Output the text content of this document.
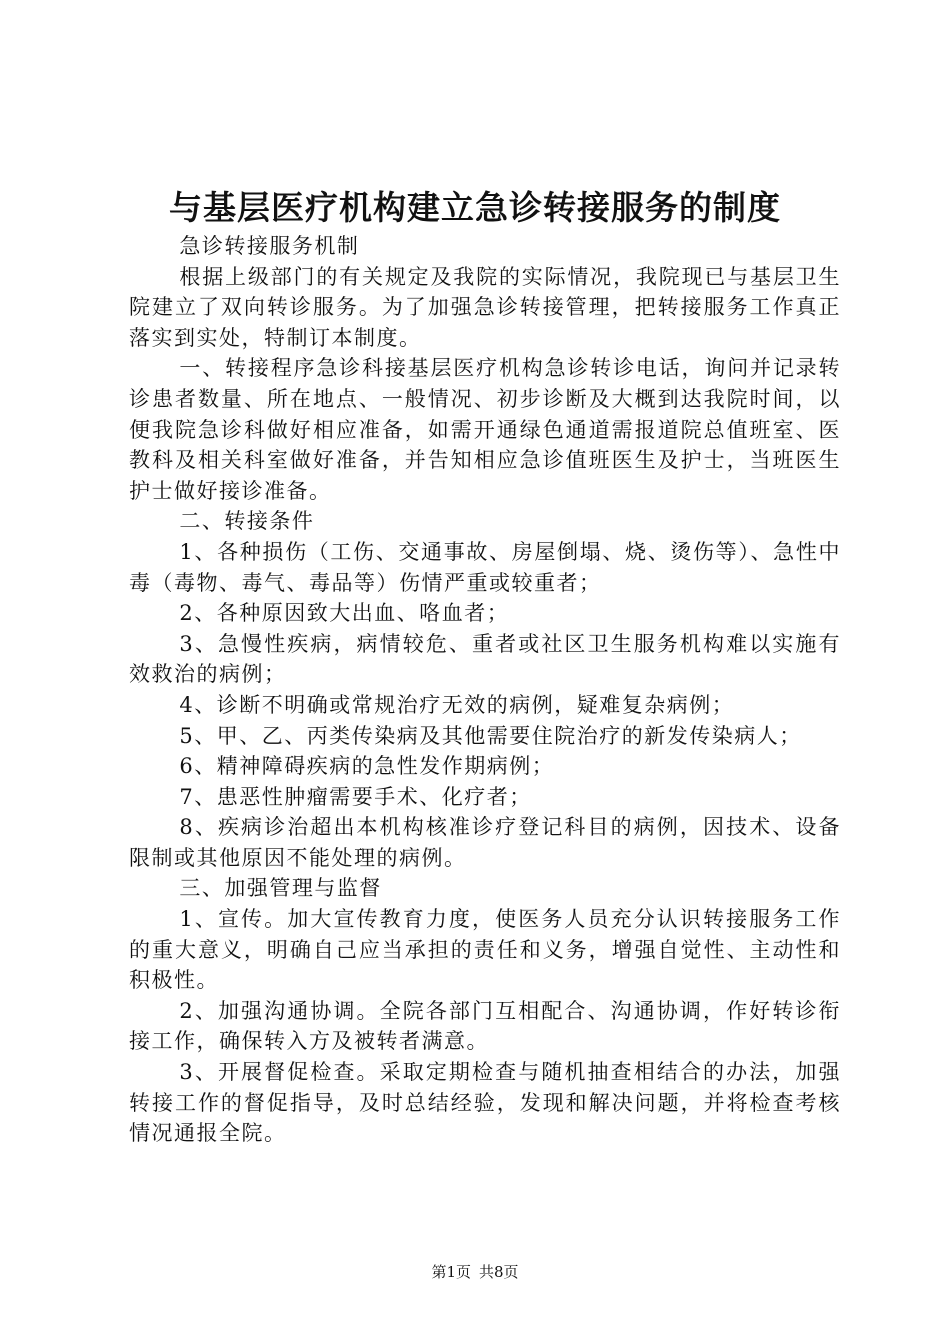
与基层医疗机构建立急诊转接服务的制度

急诊转接服务机制

根据上级部门的有关规定及我院的实际情况，我院现已与基层卫生院建立了双向转诊服务。为了加强急诊转接管理，把转接服务工作真正落实到实处，特制订本制度。

一、转接程序急诊科接基层医疗机构急诊转诊电话，询问并记录转诊患者数量、所在地点、一般情况、初步诊断及大概到达我院时间，以便我院急诊科做好相应准备，如需开通绿色通道需报道院总值班室、医教科及相关科室做好准备，并告知相应急诊值班医生及护士，当班医生护士做好接诊准备。

二、转接条件

1、各种损伤（工伤、交通事故、房屋倒塌、烧、烫伤等）、急性中毒（毒物、毒气、毒品等）伤情严重或较重者；

2、各种原因致大出血、咯血者；

3、急慢性疾病，病情较危、重者或社区卫生服务机构难以实施有效救治的病例；

4、诊断不明确或常规治疗无效的病例，疑难复杂病例；

5、甲、乙、丙类传染病及其他需要住院治疗的新发传染病人；

6、精神障碍疾病的急性发作期病例；

7、患恶性肿瘤需要手术、化疗者；

8、疾病诊治超出本机构核准诊疗登记科目的病例，因技术、设备限制或其他原因不能处理的病例。

三、加强管理与监督

1、宣传。加大宣传教育力度，使医务人员充分认识转接服务工作的重大意义，明确自己应当承担的责任和义务，增强自觉性、主动性和积极性。

2、加强沟通协调。全院各部门互相配合、沟通协调，作好转诊衔接工作，确保转入方及被转者满意。

3、开展督促检查。采取定期检查与随机抽查相结合的办法，加强转接工作的督促指导，及时总结经验，发现和解决问题，并将检查考核情况通报全院。

第1页 共8页
